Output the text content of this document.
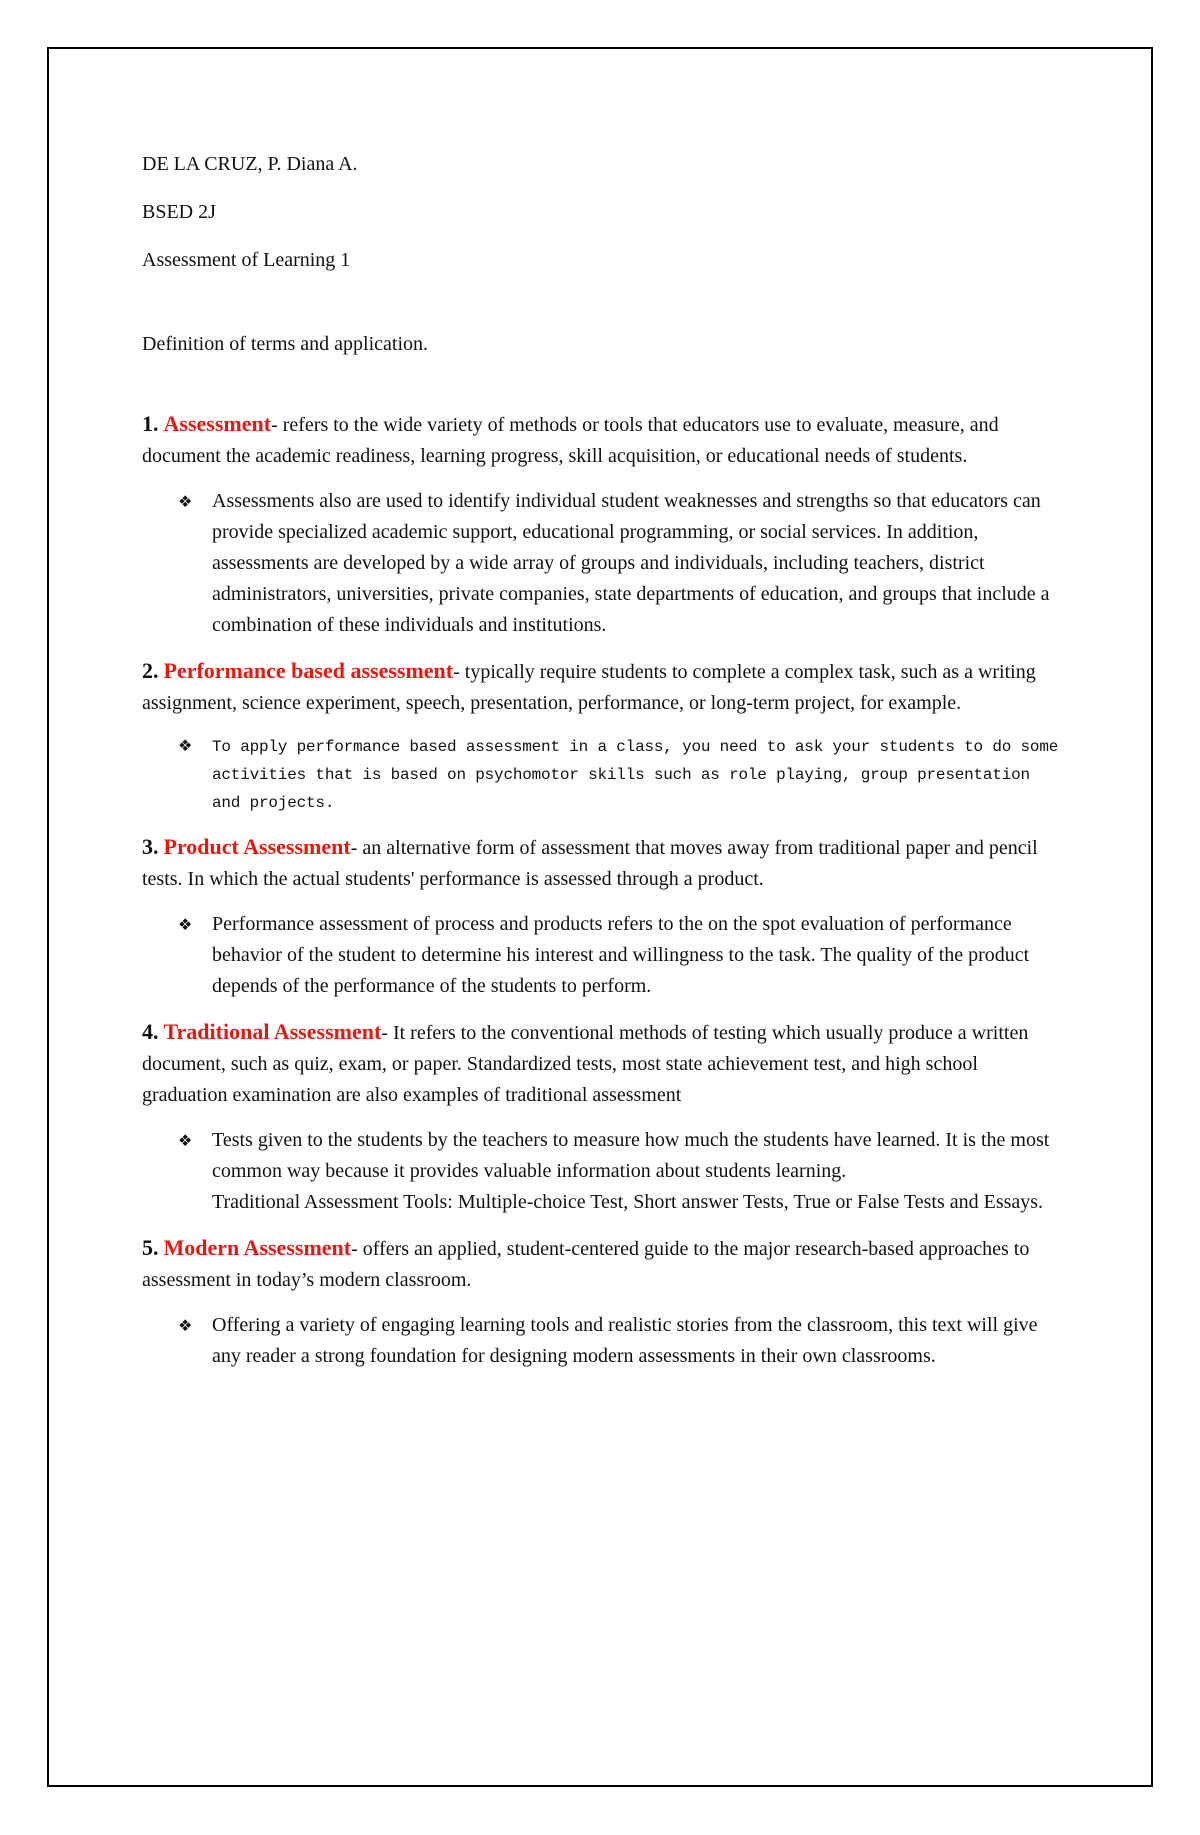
DE LA CRUZ, P. Diana A.

BSED 2J

Assessment of Learning 1

Definition of terms and application.

1. Assessment- refers to the wide variety of methods or tools that educators use to evaluate, measure, and document the academic readiness, learning progress, skill acquisition, or educational needs of students.

❖ Assessments also are used to identify individual student weaknesses and strengths so that educators can provide specialized academic support, educational programming, or social services. In addition, assessments are developed by a wide array of groups and individuals, including teachers, district administrators, universities, private companies, state departments of education, and groups that include a combination of these individuals and institutions.

2. Performance based assessment- typically require students to complete a complex task, such as a writing assignment, science experiment, speech, presentation, performance, or long-term project, for example.

❖ To apply performance based assessment in a class, you need to ask your students to do some activities that is based on psychomotor skills such as role playing, group presentation and projects.

3. Product Assessment- an alternative form of assessment that moves away from traditional paper and pencil tests. In which the actual students' performance is assessed through a product.

❖ Performance assessment of process and products refers to the on the spot evaluation of performance behavior of the student to determine his interest and willingness to the task. The quality of the product depends of the performance of the students to perform.

4. Traditional Assessment- It refers to the conventional methods of testing which usually produce a written document, such as quiz, exam, or paper. Standardized tests, most state achievement test, and high school graduation examination are also examples of traditional assessment

❖ Tests given to the students by the teachers to measure how much the students have learned. It is the most common way because it provides valuable information about students learning.
Traditional Assessment Tools: Multiple-choice Test, Short answer Tests, True or False Tests and Essays.

5. Modern Assessment- offers an applied, student-centered guide to the major research-based approaches to assessment in today’s modern classroom.

❖ Offering a variety of engaging learning tools and realistic stories from the classroom, this text will give any reader a strong foundation for designing modern assessments in their own classrooms.
